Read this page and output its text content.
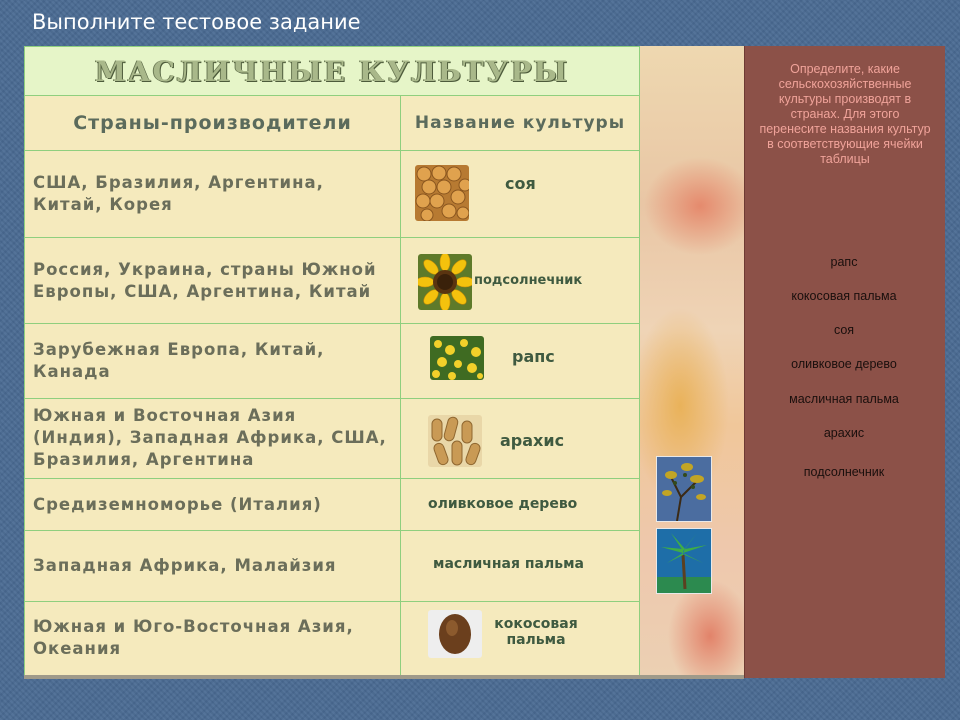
Выполните тестовое задание
МАСЛИЧНЫЕ КУЛЬТУРЫ	
Страны-производители	Название культуры
США, Бразилия, Аргентина, Китай, Корея	соя

Россия, Украина, страны Южной Европы, США, Аргентина, Китай	подсолнечник

Зарубежная Европа, Китай, Канада	рапс

Южная и Восточная Азия (Индия), Западная Африка, США, Бразилия, Аргентина	арахис

Средиземноморье (Италия)	оливковое дерево

Западная Африка, Малайзия	масличная пальма

Южная и Юго-Восточная Азия, Океания	кокосовая пальма
Определите, какие сельскохозяйственные культуры производят в странах. Для этого перенесите названия культур в соответствующие ячейки таблицы
рапс
кокосовая пальма
соя
оливковое дерево
масличная пальма
арахис
подсолнечник
